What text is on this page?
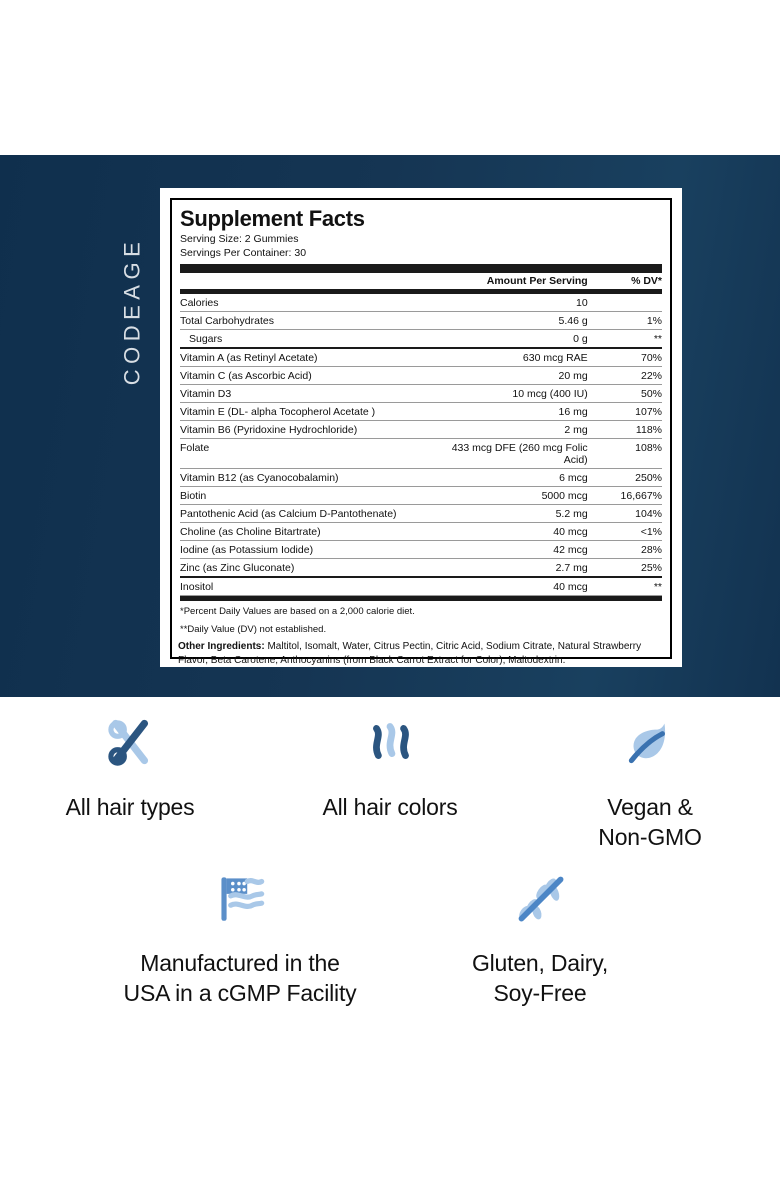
CODEAGE
Supplement Facts
Serving Size: 2 Gummies
Servings Per Container: 30
	Amount Per Serving	% DV*
Calories	10	
Total Carbohydrates	5.46 g	1%
Sugars	0 g	**
Vitamin A (as Retinyl Acetate)	630 mcg RAE	70%
Vitamin C (as Ascorbic Acid)	20 mg	22%
Vitamin D3	10 mcg (400 IU)	50%
Vitamin E (DL- alpha Tocopherol Acetate )	16 mg	107%
Vitamin B6 (Pyridoxine Hydrochloride)	2 mg	118%
Folate	433 mcg DFE (260 mcg Folic Acid)	108%
Vitamin B12 (as Cyanocobalamin)	6 mcg	250%
Biotin	5000 mcg	16,667%
Pantothenic Acid (as Calcium D-Pantothenate)	5.2 mg	104%
Choline (as Choline Bitartrate)	40 mcg	<1%
Iodine (as Potassium Iodide)	42 mcg	28%
Zinc (as Zinc Gluconate)	2.7 mg	25%
Inositol	40 mcg	**
*Percent Daily Values are based on a 2,000 calorie diet.
**Daily Value (DV) not established.
Other Ingredients: Maltitol, Isomalt, Water, Citrus Pectin, Citric Acid, Sodium Citrate, Natural Strawberry Flavor, Beta Carotene, Anthocyanins (from Black Carrot Extract for Color), Maltodextrin.
All hair types	All hair colors	Vegan &
Non-GMO
Manufactured in the
USA in a cGMP Facility
Gluten, Dairy,
Soy-Free
